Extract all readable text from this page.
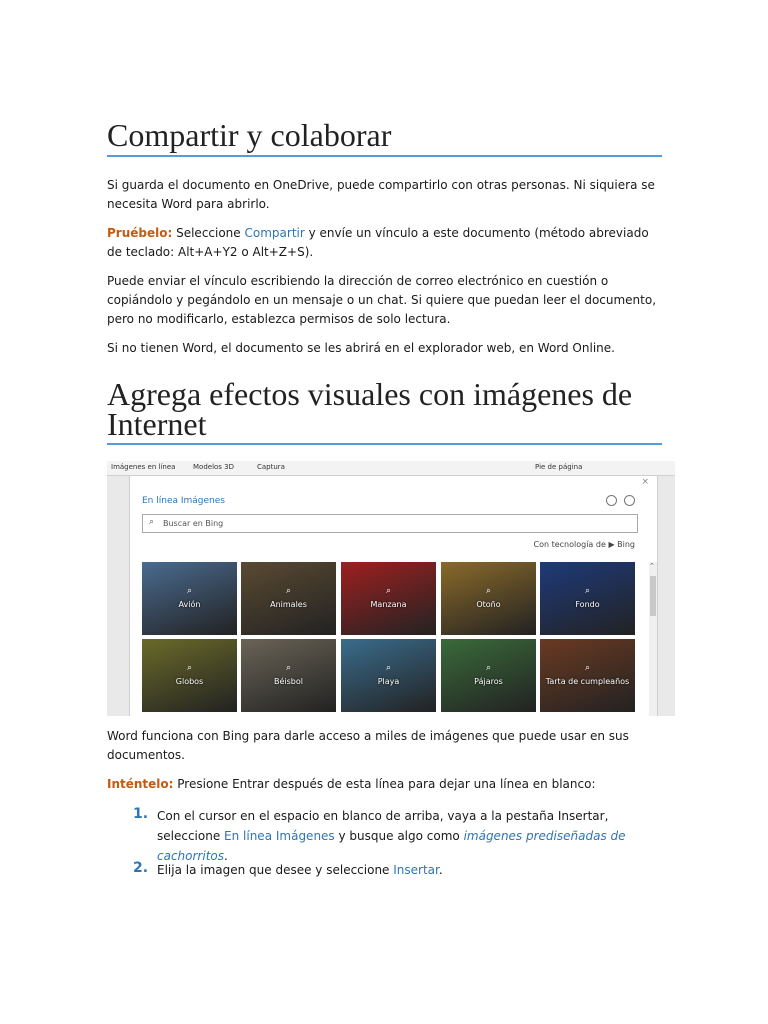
Compartir y colaborar
Si guarda el documento en OneDrive, puede compartirlo con otras personas. Ni siquiera se necesita Word para abrirlo.
Pruébelo: Seleccione Compartir y envíe un vínculo a este documento (método abreviado de teclado: Alt+A+Y2 o Alt+Z+S).
Puede enviar el vínculo escribiendo la dirección de correo electrónico en cuestión o copiándolo y pegándolo en un mensaje o un chat. Si quiere que puedan leer el documento, pero no modificarlo, establezca permisos de solo lectura.
Si no tienen Word, el documento se les abrirá en el explorador web, en Word Online.
Agrega efectos visuales con imágenes de Internet
Imágenes en línea	Modelos 3D	Captura	Pie de página
×
En línea Imágenes
⌕ Buscar en Bing
Con tecnología de ▶ Bing
⌕
Avión
⌕
Animales
⌕
Manzana
⌕
Otoño
⌕
Fondo
⌕
Globos
⌕
Béisbol
⌕
Playa
⌕
Pájaros
⌕
Tarta de cumpleaños
⌃
Word funciona con Bing para darle acceso a miles de imágenes que puede usar en sus documentos.
Inténtelo: Presione Entrar después de esta línea para dejar una línea en blanco:
1. Con el cursor en el espacio en blanco de arriba, vaya a la pestaña Insertar, seleccione En línea Imágenes y busque algo como imágenes prediseñadas de cachorritos.
2. Elija la imagen que desee y seleccione Insertar.
